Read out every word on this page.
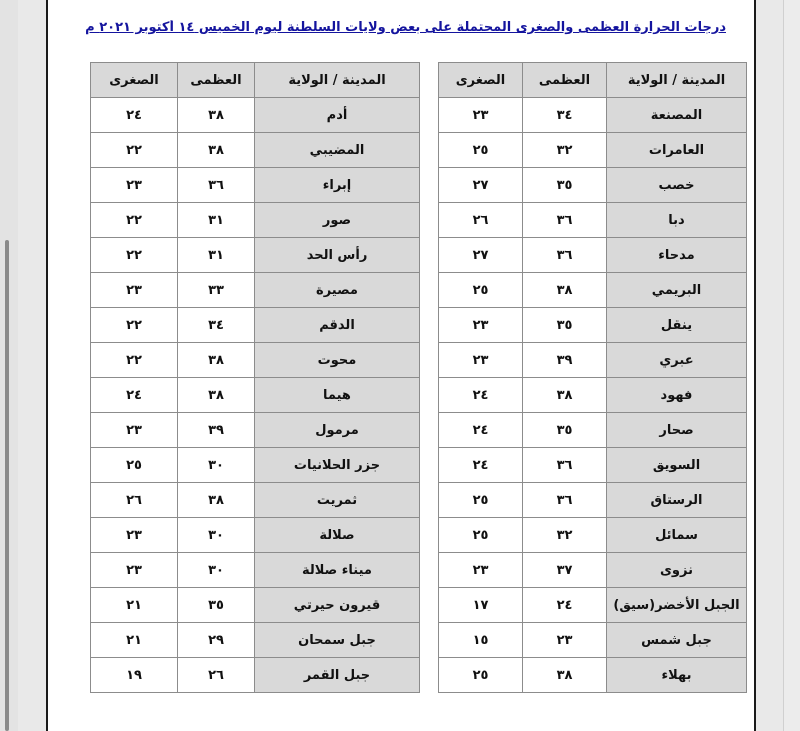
درجات الحرارة العظمى والصغرى المحتملة على بعض ولايات السلطنة ليوم الخميس ١٤ أكتوبر ٢٠٢١ م
المدينة / الولاية	العظمى	الصغرى
المصنعة	٣٤	٢٣
العامرات	٣٢	٢٥
خصب	٣٥	٢٧
دبا	٣٦	٢٦
مدحاء	٣٦	٢٧
البريمي	٣٨	٢٥
ينقل	٣٥	٢٣
عبري	٣٩	٢٣
فهود	٣٨	٢٤
صحار	٣٥	٢٤
السويق	٣٦	٢٤
الرستاق	٣٦	٢٥
سمائل	٣٢	٢٥
نزوى	٣٧	٢٣
الجبل الأخضر(سيق)	٢٤	١٧
جبل شمس	٢٣	١٥
بهلاء	٣٨	٢٥
المدينة / الولاية	العظمى	الصغرى
أدم	٣٨	٢٤
المضيبي	٣٨	٢٢
إبراء	٣٦	٢٣
صور	٣١	٢٢
رأس الحد	٣١	٢٢
مصيرة	٣٣	٢٣
الدقم	٣٤	٢٢
محوت	٣٨	٢٢
هيما	٣٨	٢٤
مرمول	٣٩	٢٣
جزر الحلانيات	٣٠	٢٥
ثمريت	٣٨	٢٦
صلالة	٣٠	٢٣
ميناء صلالة	٣٠	٢٣
قيرون حيرتي	٣٥	٢١
جبل سمحان	٢٩	٢١
جبل القمر	٢٦	١٩
